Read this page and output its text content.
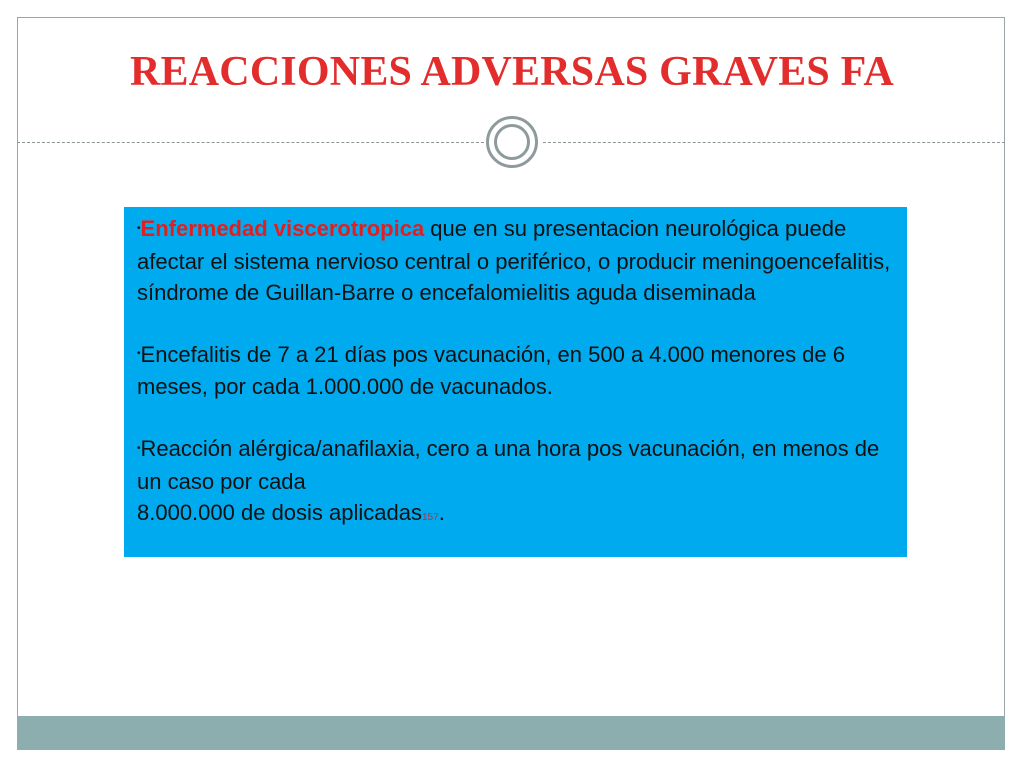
REACCIONES ADVERSAS GRAVES FA

•Enfermedad viscerotropica que en su presentacion neurológica puede afectar el sistema nervioso central o periférico, o producir meningoencefalitis, síndrome de Guillan-Barre o encefalomielitis aguda diseminada

•Encefalitis de 7 a 21 días pos vacunación, en 500 a 4.000 menores de 6 meses, por cada 1.000.000 de vacunados.

•Reacción alérgica/anafilaxia, cero a una hora pos vacunación, en menos de un caso por cada
8.000.000 de dosis aplicadas157.
